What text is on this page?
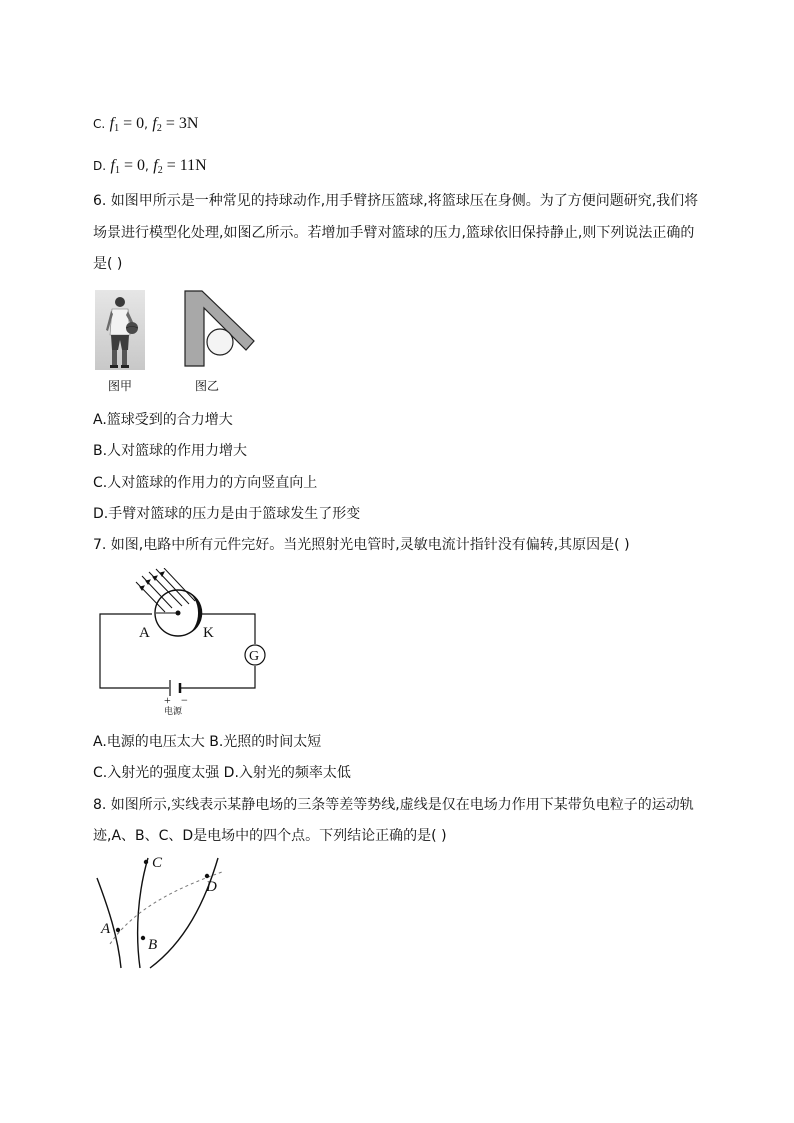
C. $f_1 = 0$, $f_2 = 3N$
D. $f_1 = 0$, $f_2 = 11N$
6. 如图甲所示是一种常见的持球动作,用手臂挤压篮球,将篮球压在身侧。为了方便问题研究,我们将
场景进行模型化处理,如图乙所示。若增加手臂对篮球的压力,篮球依旧保持静止,则下列说法正确的
是( )
图甲	图乙
A.篮球受到的合力增大
B.人对篮球的作用力增大
C.人对篮球的作用力的方向竖直向上
D.手臂对篮球的压力是由于篮球发生了形变
7. 如图,电路中所有元件完好。当光照射光电管时,灵敏电流计指针没有偏转,其原因是( )
A	K
G
+ −
电源
A.电源的电压太大 B.光照的时间太短
C.入射光的强度太强 D.入射光的频率太低
8. 如图所示,实线表示某静电场的三条等差等势线,虚线是仅在电场力作用下某带负电粒子的运动轨
迹,A、B、C、D是电场中的四个点。下列结论正确的是( )
A
B
C
D
